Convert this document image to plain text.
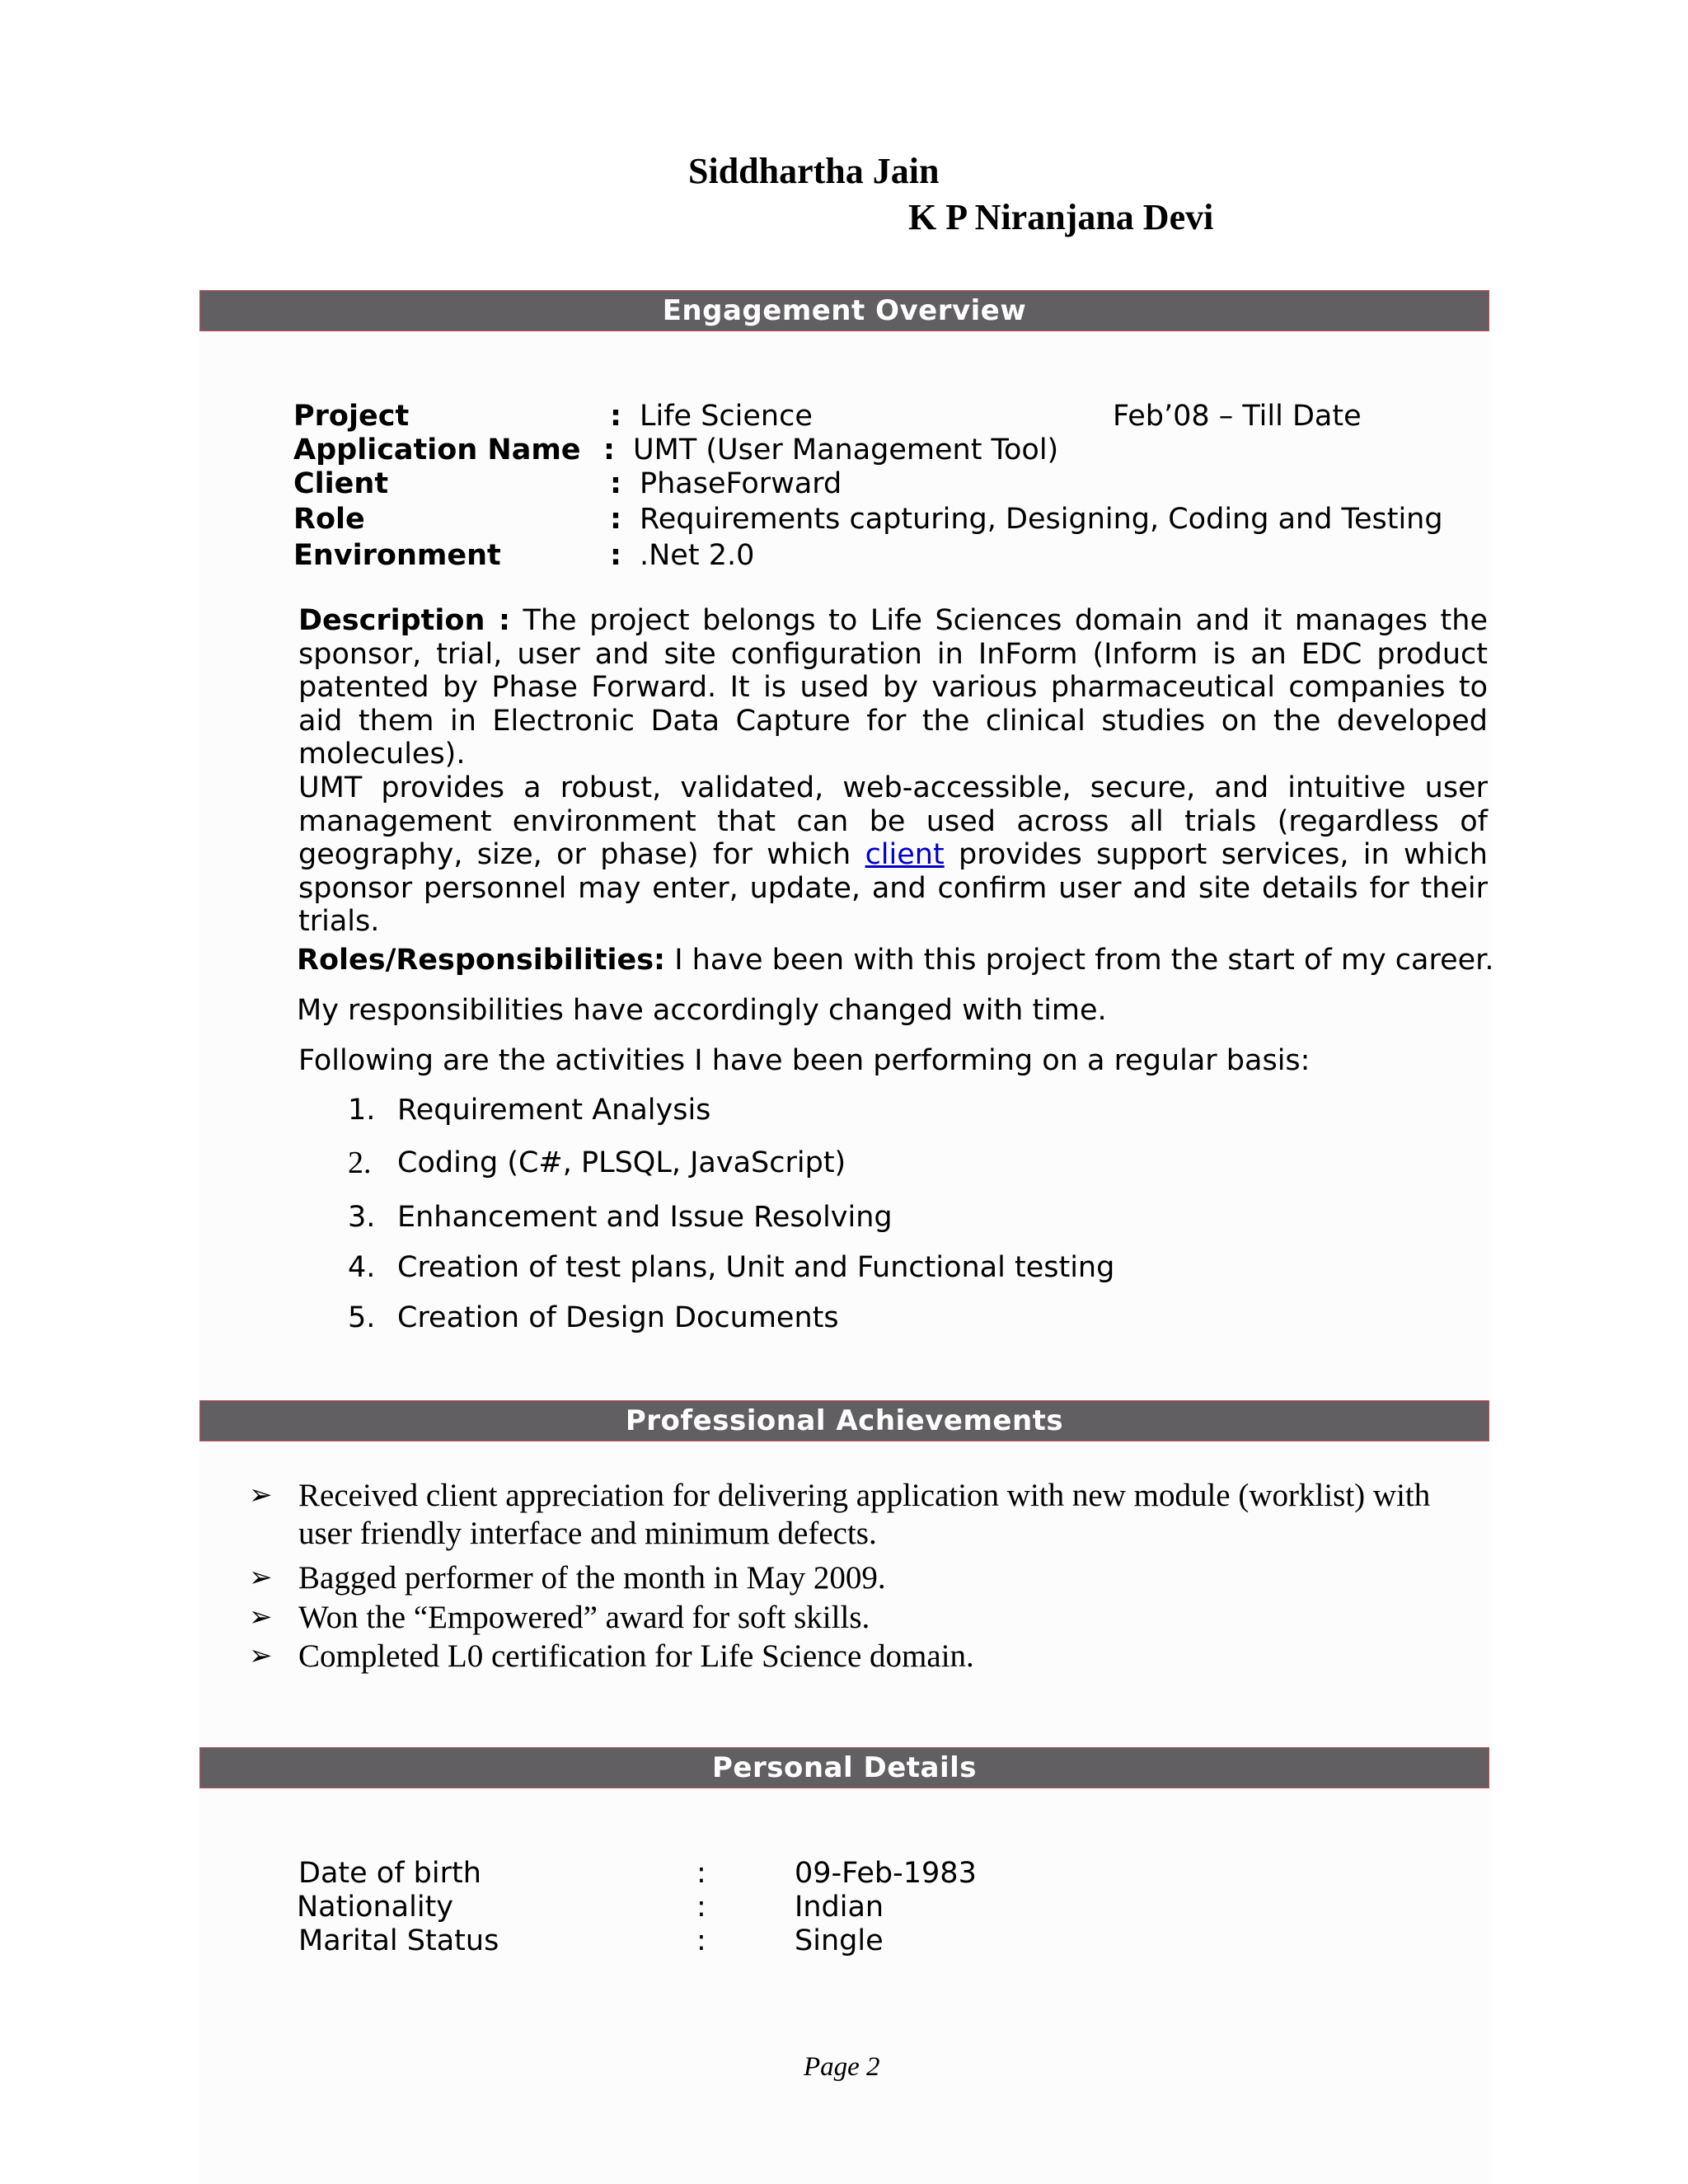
Siddhartha Jain
K P Niranjana Devi
Engagement Overview
Project	: Life Science	Feb’08 – Till Date
Application Name : UMT (User Management Tool)
Client	: PhaseForward
Role	: Requirements capturing, Designing, Coding and Testing
Environment	: .Net 2.0
Description : The project belongs to Life Sciences domain and it manages the sponsor, trial, user and site configuration in InForm (Inform is an EDC product patented by Phase Forward. It is used by various pharmaceutical companies to aid them in Electronic Data Capture for the clinical studies on the developed molecules).
UMT provides a robust, validated, web-accessible, secure, and intuitive user management environment that can be used across all trials (regardless of geography, size, or phase) for which client provides support services, in which sponsor personnel may enter, update, and confirm user and site details for their trials.
Roles/Responsibilities: I have been with this project from the start of my career.
My responsibilities have accordingly changed with time.
Following are the activities I have been performing on a regular basis:
1. Requirement Analysis
2. Coding (C#, PLSQL, JavaScript)
3. Enhancement and Issue Resolving
4. Creation of test plans, Unit and Functional testing
5. Creation of Design Documents
Professional Achievements
➢ Received client appreciation for delivering application with new module (worklist) with
user friendly interface and minimum defects.
➢ Bagged performer of the month in May 2009.
➢ Won the “Empowered” award for soft skills.
➢ Completed L0 certification for Life Science domain.
Personal Details
Date of birth	:	09-Feb-1983
Nationality	:	Indian
Marital Status	:	Single
Page 2
